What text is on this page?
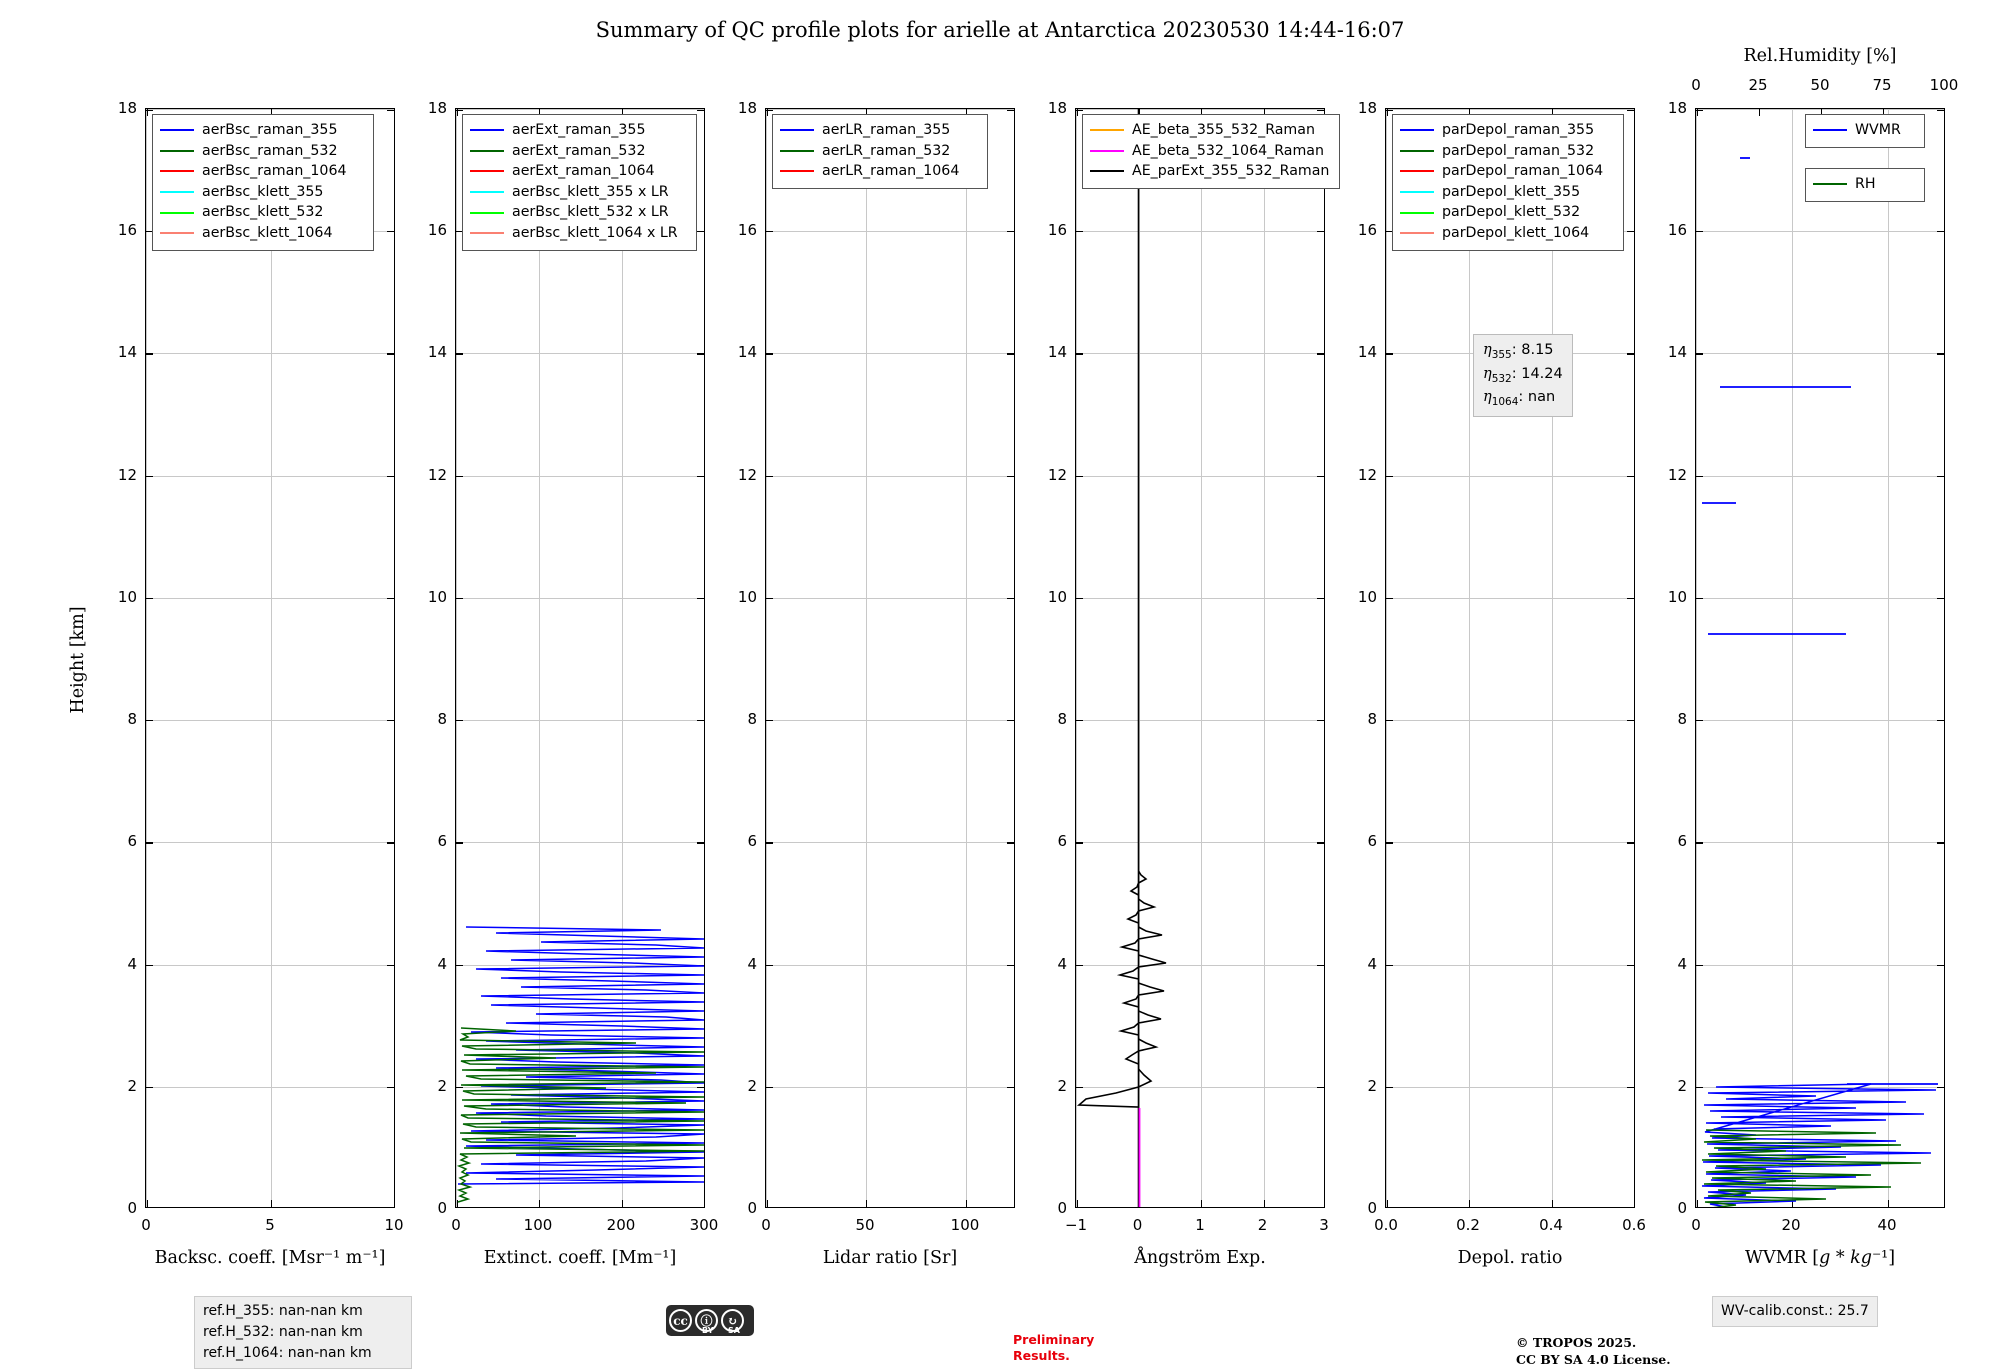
Summary of QC profile plots for arielle at Antarctica 20230530 14:44-16:07
Height [km]
0
2
4
6
8
10
12
14
16
18
0	5	10
Backsc. coeff. [Msr⁻¹ m⁻¹]
aerBsc_raman_355
aerBsc_raman_532
aerBsc_raman_1064
aerBsc_klett_355
aerBsc_klett_532
aerBsc_klett_1064
0
2
4
6
8
10
12
14
16
18
0	100	200	300
Extinct. coeff. [Mm⁻¹]
aerExt_raman_355
aerExt_raman_532
aerExt_raman_1064
aerBsc_klett_355 x LR
aerBsc_klett_532 x LR
aerBsc_klett_1064 x LR
0
2
4
6
8
10
12
14
16
18
0	50	100
Lidar ratio [Sr]
aerLR_raman_355
aerLR_raman_532
aerLR_raman_1064
0
2
4
6
8
10
12
14
16
18
−1	0	1	2	3
Ångström Exp.
AE_beta_355_532_Raman
AE_beta_532_1064_Raman
AE_parExt_355_532_Raman
0
2
4
6
8
10
12
14
16
18
0.0	0.2	0.4	0.6
Depol. ratio
parDepol_raman_355
parDepol_raman_532
parDepol_raman_1064
parDepol_klett_355
parDepol_klett_532
parDepol_klett_1064
$\eta_{355}$: 8.15
$\eta_{532}$: 14.24
$\eta_{1064}$: nan
0
2
4
6
8
10
12
14
16
18
0	20	40
WVMR [𝑔 * 𝑘𝑔⁻¹]
0	25	50	75	100
Rel.Humidity [%]
WVMR
RH
ref.H_355: nan-nan km
ref.H_532: nan-nan km
ref.H_1064: nan-nan km
WV-calib.const.: 25.7
cc	ⓘ	↻
BY SA
Preliminary
Results.
© TROPOS 2025.
CC BY SA 4.0 License.
